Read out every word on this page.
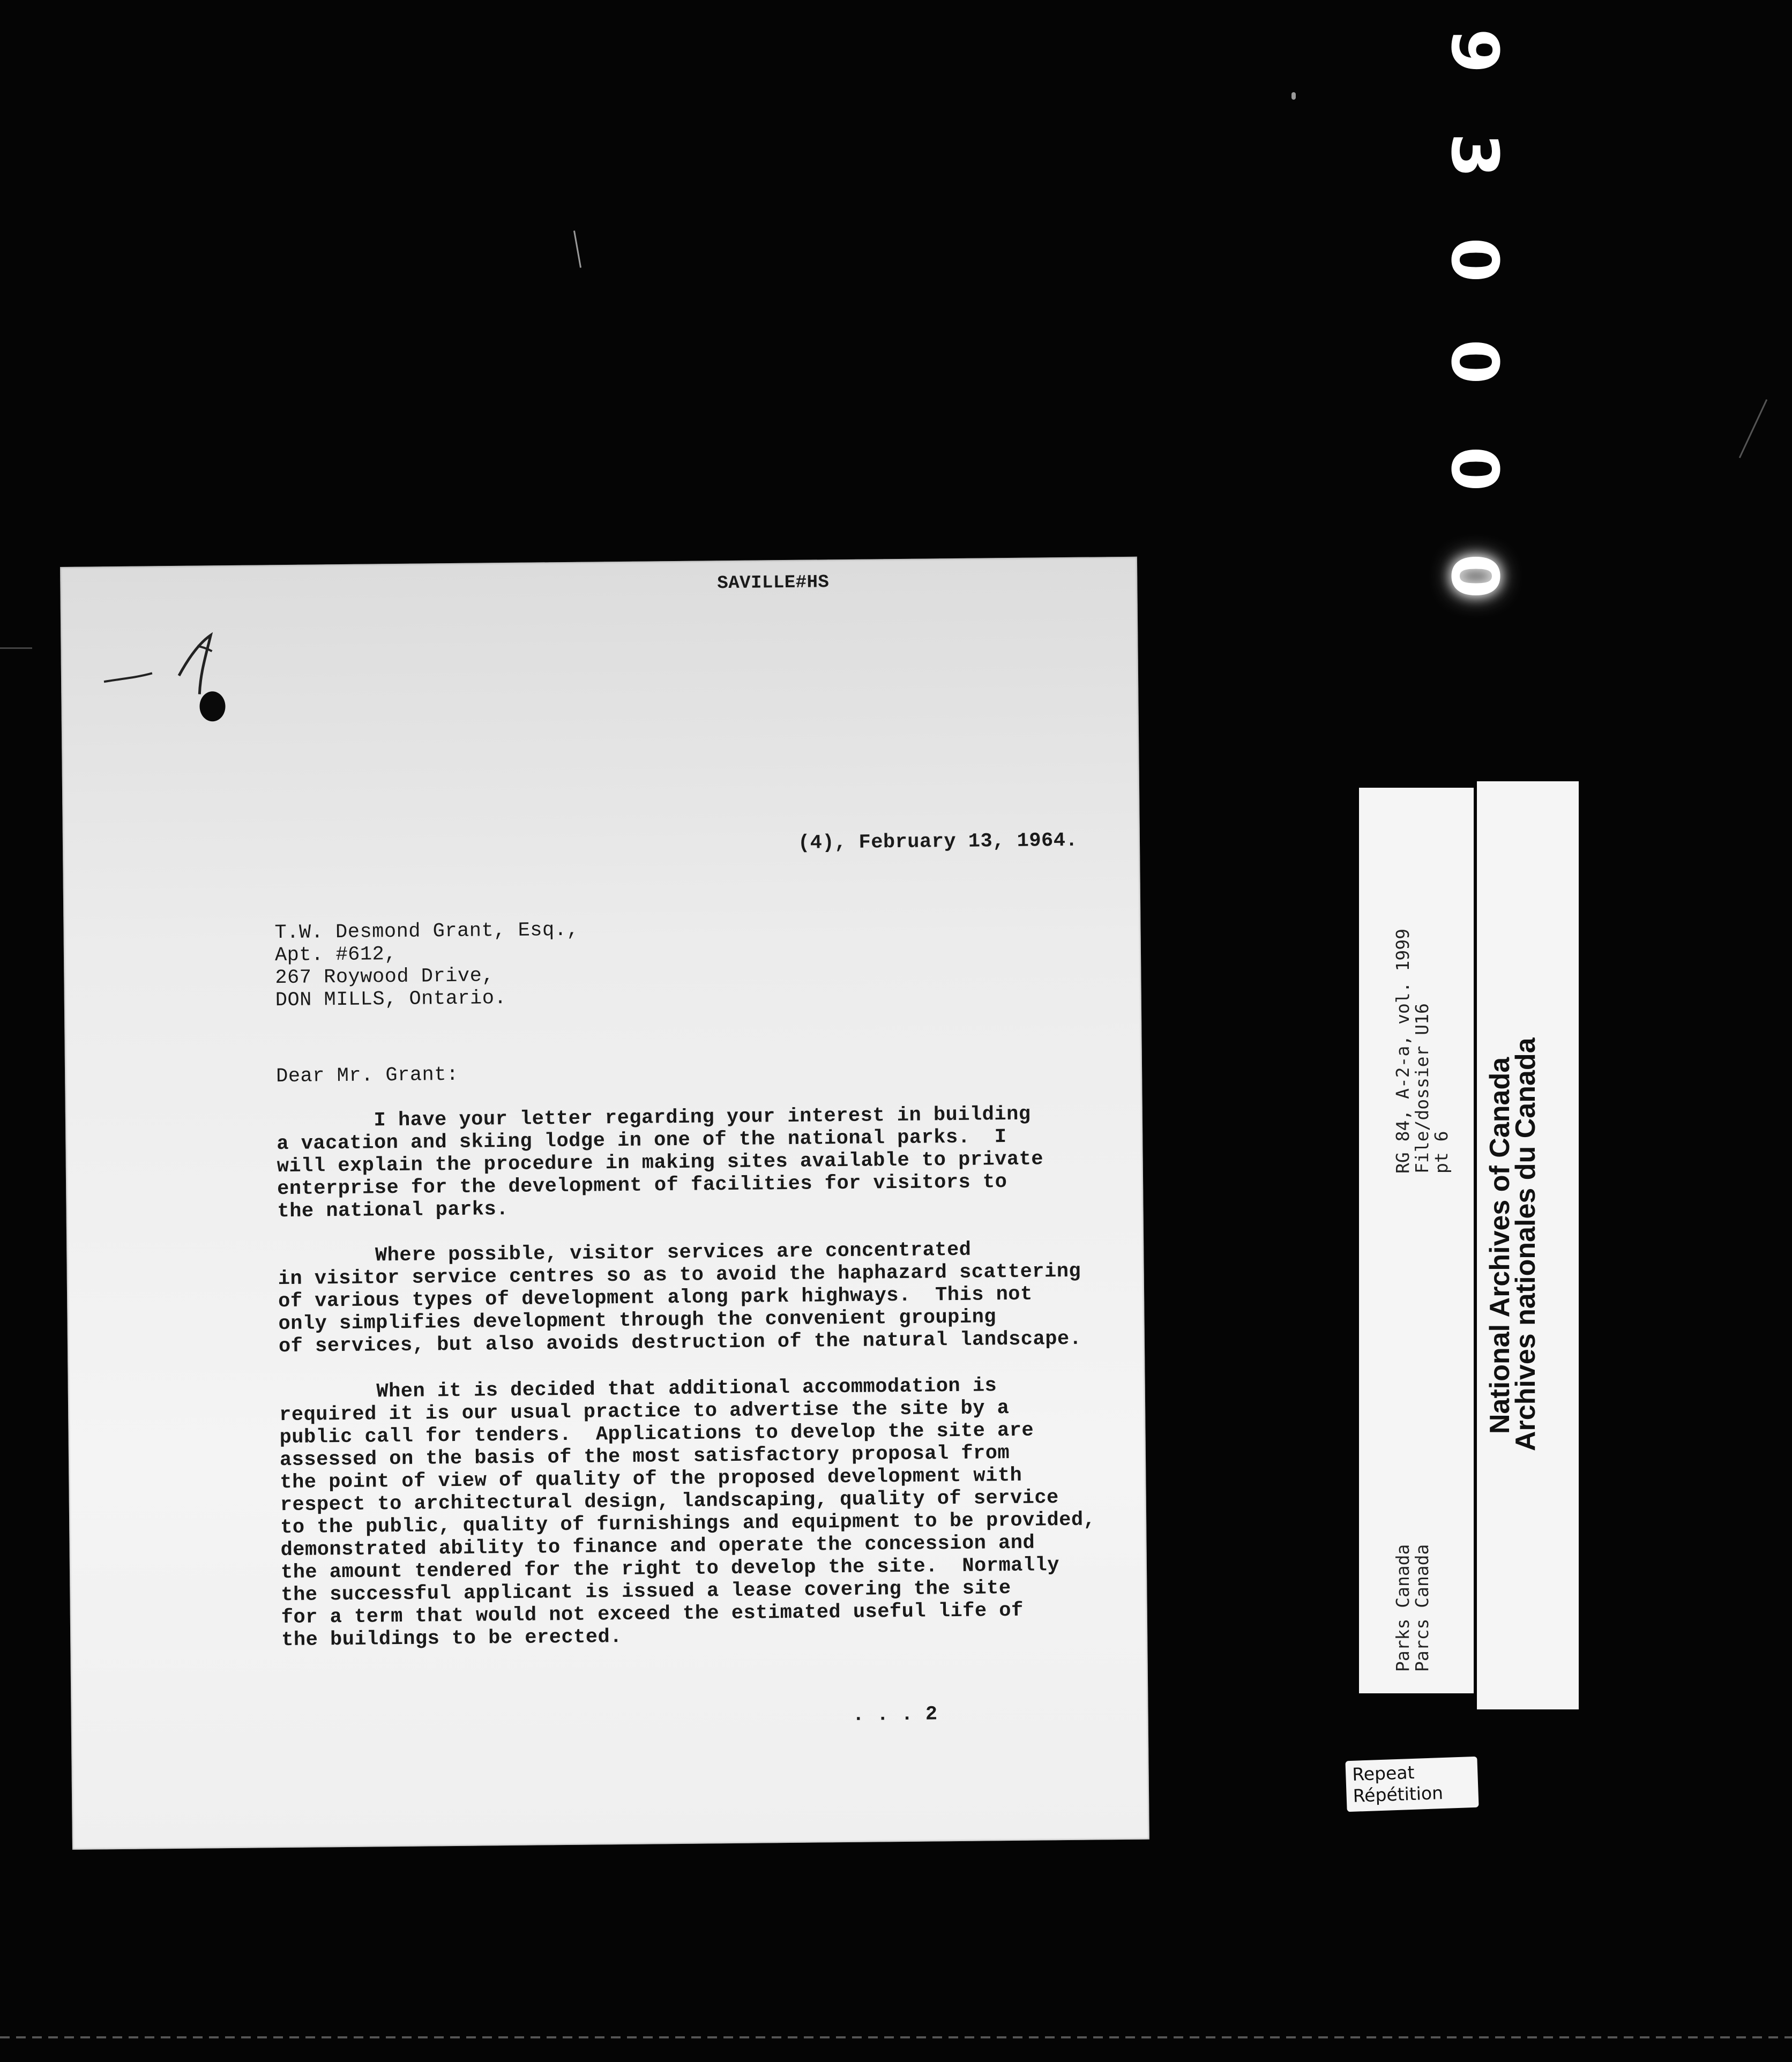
9
3
0
0
0
0
SAVILLE#HS
(4), February 13, 1964.
T.W. Desmond Grant, Esq.,
Apt. #612,
267 Roywood Drive,
DON MILLS, Ontario.
Dear Mr. Grant:
I have your letter regarding your interest in building
a vacation and skiing lodge in one of the national parks.  I
will explain the procedure in making sites available to private
enterprise for the development of facilities for visitors to
the national parks.
Where possible, visitor services are concentrated
in visitor service centres so as to avoid the haphazard scattering
of various types of development along park highways.  This not
only simplifies development through the convenient grouping
of services, but also avoids destruction of the natural landscape.
When it is decided that additional accommodation is
required it is our usual practice to advertise the site by a
public call for tenders.  Applications to develop the site are
assessed on the basis of the most satisfactory proposal from
the point of view of quality of the proposed development with
respect to architectural design, landscaping, quality of service
to the public, quality of furnishings and equipment to be provided,
demonstrated ability to finance and operate the concession and
the amount tendered for the right to develop the site.  Normally
the successful applicant is issued a lease covering the site
for a term that would not exceed the estimated useful life of
the buildings to be erected.
. . . 2
RG 84, A-2-a, vol. 1999
File/dossier U16
pt 6
Parks Canada
Parcs Canada
National Archives of Canada
Archives nationales du Canada
Repeat
Répétition
